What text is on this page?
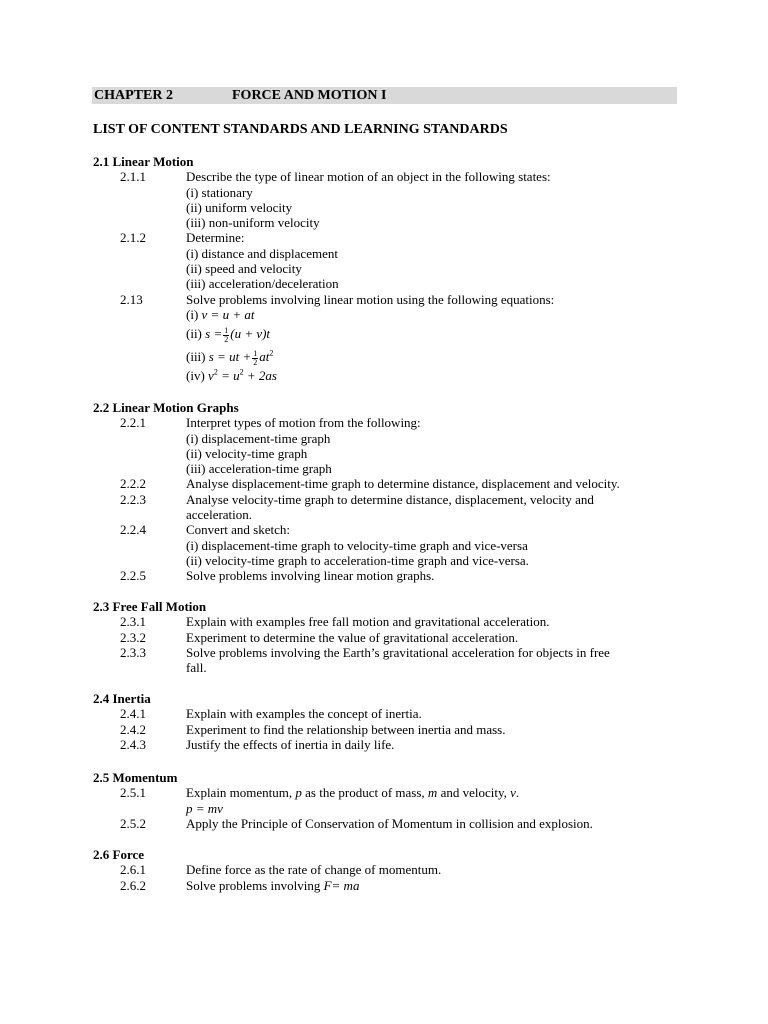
CHAPTER 2	FORCE AND MOTION I
LIST OF CONTENT STANDARDS AND LEARNING STANDARDS
2.1 Linear Motion
2.1.1	Describe the type of linear motion of an object in the following states:
(i) stationary
(ii) uniform velocity
(iii) non-uniform velocity
2.1.2	Determine:
(i) distance and displacement
(ii) speed and velocity
(iii) acceleration/deceleration
2.13	Solve problems involving linear motion using the following equations:
(i) v = u + at
(ii) $s = \frac{1}{2} (u + v)t$
(iii) s = ut + $\frac{1}{2} at^2$
(iv) $v^2 = u^2 + 2as$
2.2 Linear Motion Graphs
2.2.1	Interpret types of motion from the following:
(i) displacement-time graph
(ii) velocity-time graph
(iii) acceleration-time graph
2.2.2	Analyse displacement-time graph to determine distance, displacement and velocity.
2.2.3	Analyse velocity-time graph to determine distance, displacement, velocity and
acceleration.
2.2.4	Convert and sketch:
(i) displacement-time graph to velocity-time graph and vice-versa
(ii) velocity-time graph to acceleration-time graph and vice-versa.
2.2.5	Solve problems involving linear motion graphs.
2.3 Free Fall Motion
2.3.1	Explain with examples free fall motion and gravitational acceleration.
2.3.2	Experiment to determine the value of gravitational acceleration.
2.3.3	Solve problems involving the Earth’s gravitational acceleration for objects in free
fall.
2.4 Inertia
2.4.1	Explain with examples the concept of inertia.
2.4.2	Experiment to find the relationship between inertia and mass.
2.4.3	Justify the effects of inertia in daily life.
2.5 Momentum
2.5.1	Explain momentum, p as the product of mass, m and velocity, v.
p = mv
2.5.2	Apply the Principle of Conservation of Momentum in collision and explosion.
2.6 Force
2.6.1	Define force as the rate of change of momentum.
2.6.2	Solve problems involving F= ma
